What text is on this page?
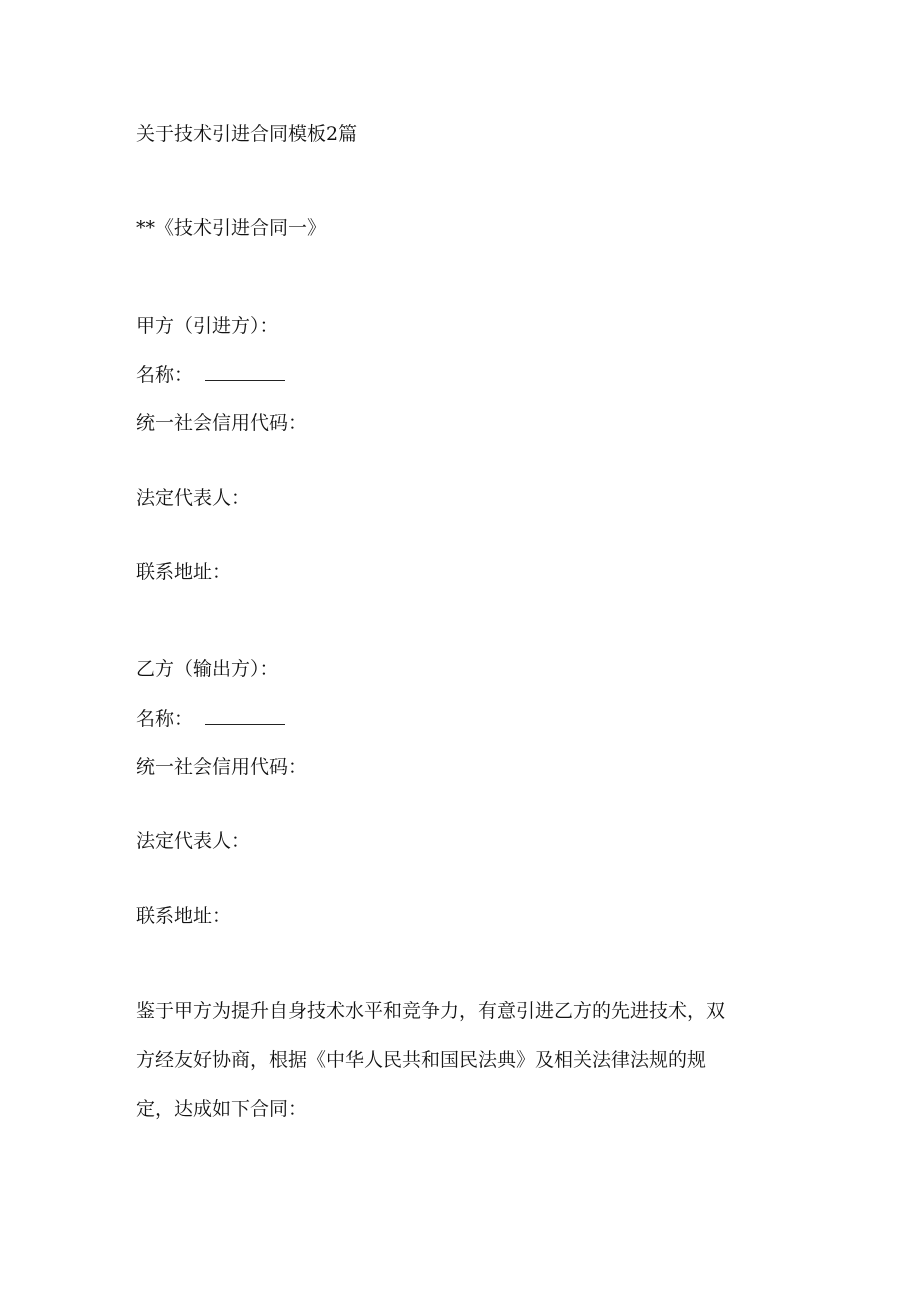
关于技术引进合同模板2篇

**《技术引进合同一》

甲方（引进方）：

名称：

统一社会信用代码：

法定代表人：

联系地址：

乙方（输出方）：

名称：

统一社会信用代码：

法定代表人：

联系地址：

鉴于甲方为提升自身技术水平和竞争力，有意引进乙方的先进技术，双
方经友好协商，根据《中华人民共和国民法典》及相关法律法规的规
定，达成如下合同：
